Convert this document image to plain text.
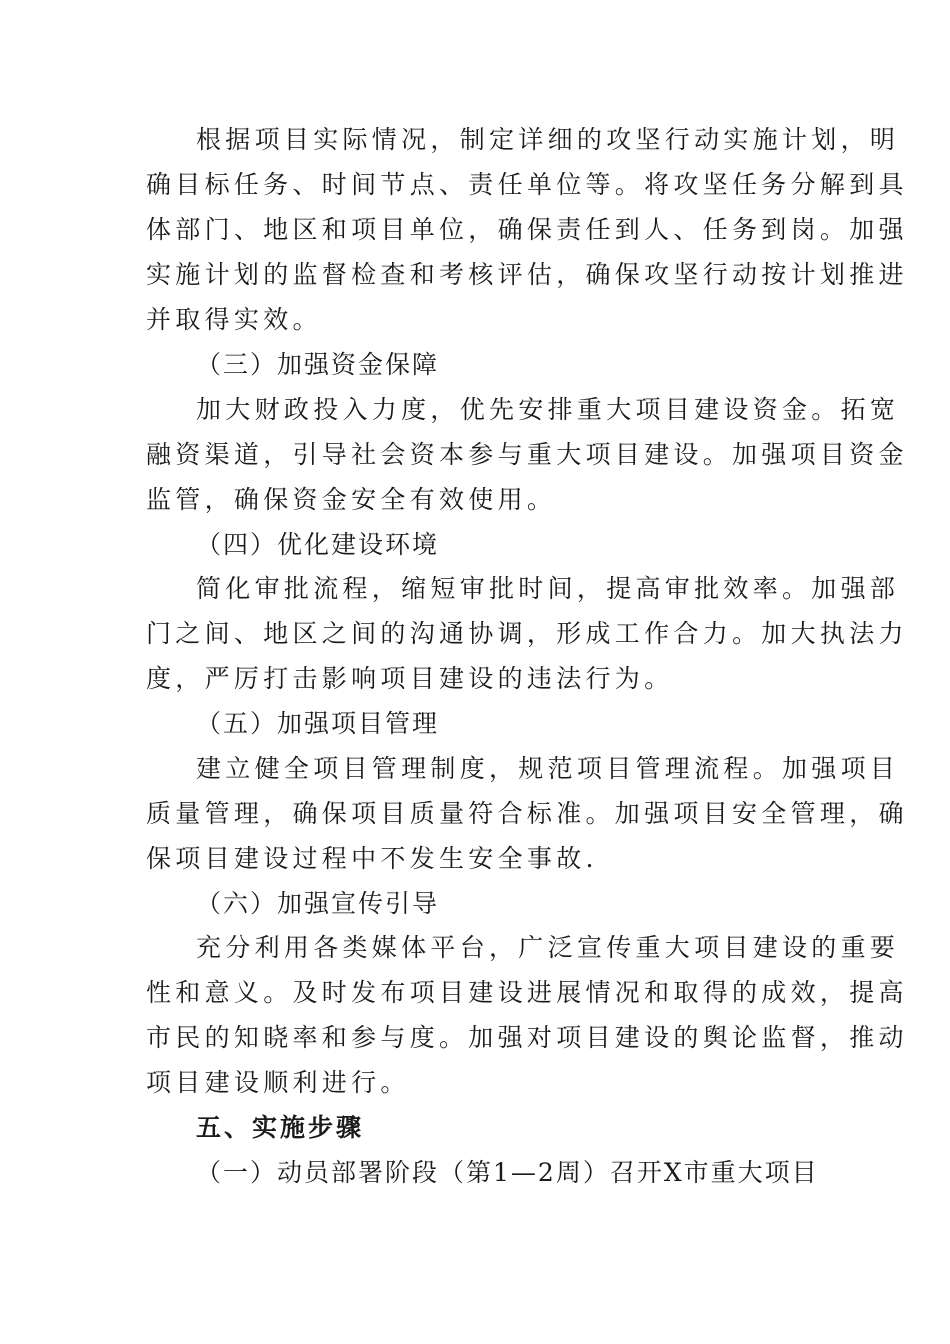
根据项目实际情况，制定详细的攻坚行动实施计划，明
确目标任务、时间节点、责任单位等。将攻坚任务分解到具
体部门、地区和项目单位，确保责任到人、任务到岗。加强
实施计划的监督检查和考核评估，确保攻坚行动按计划推进
并取得实效。
（三）加强资金保障
加大财政投入力度，优先安排重大项目建设资金。拓宽
融资渠道，引导社会资本参与重大项目建设。加强项目资金
监管，确保资金安全有效使用。
（四）优化建设环境
简化审批流程，缩短审批时间，提高审批效率。加强部
门之间、地区之间的沟通协调，形成工作合力。加大执法力
度，严厉打击影响项目建设的违法行为。
（五）加强项目管理
建立健全项目管理制度，规范项目管理流程。加强项目
质量管理，确保项目质量符合标准。加强项目安全管理，确
保项目建设过程中不发生安全事故.
（六）加强宣传引导
充分利用各类媒体平台，广泛宣传重大项目建设的重要
性和意义。及时发布项目建设进展情况和取得的成效，提高
市民的知晓率和参与度。加强对项目建设的舆论监督，推动
项目建设顺利进行。
五、实施步骤
（一）动员部署阶段（第1—2周）召开X市重大项目
